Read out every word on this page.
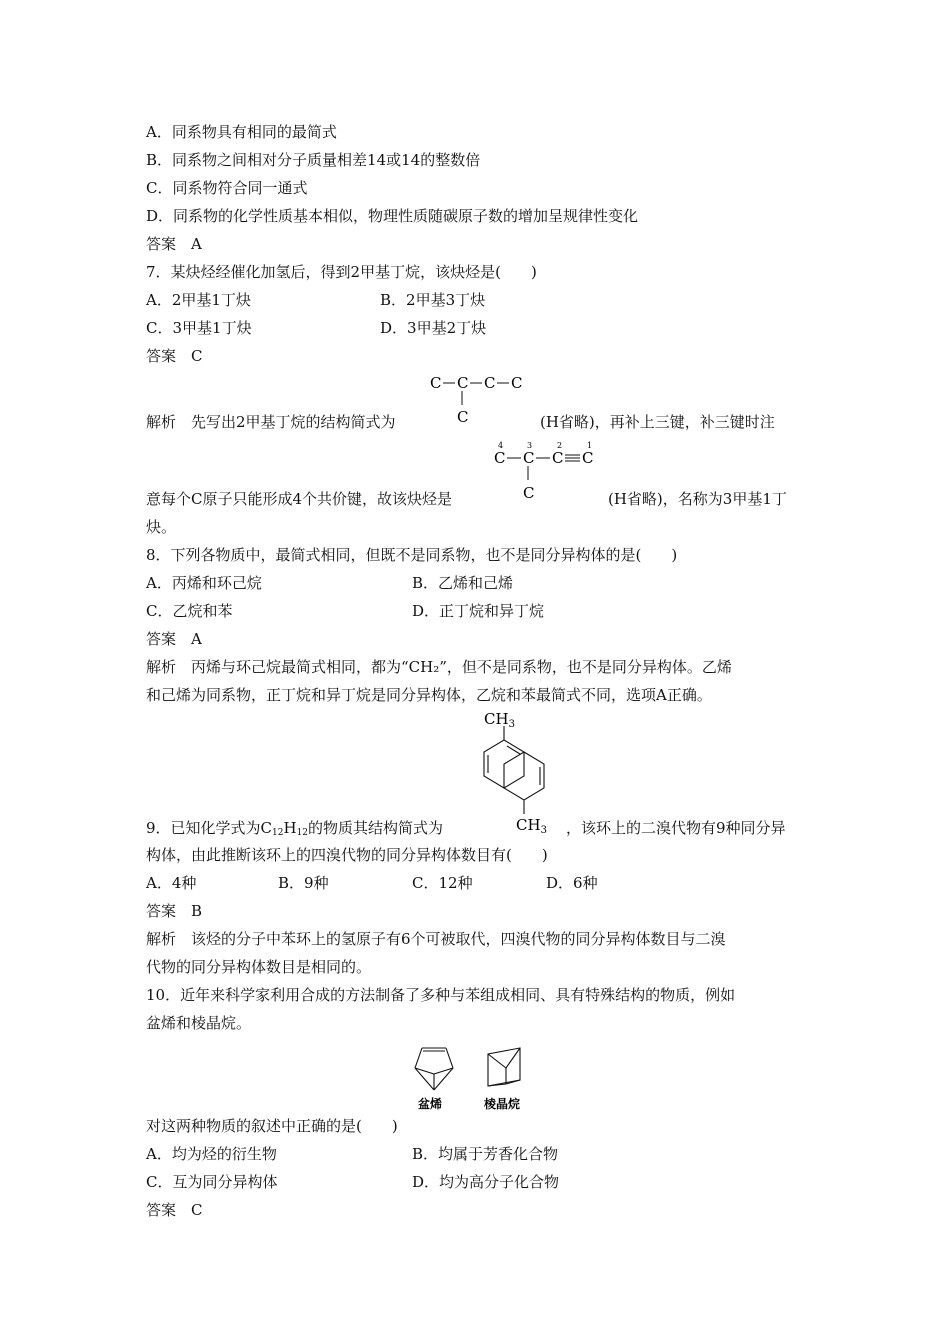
A．同系物具有相同的最简式
B．同系物之间相对分子质量相差14或14的整数倍
C．同系物符合同一通式
D．同系物的化学性质基本相似，物理性质随碳原子数的增加呈规律性变化
答案　A
7．某炔烃经催化加氢后，得到2甲基丁烷，该炔烃是(　　)
A．2甲基1丁炔	B．2甲基3丁炔
C．3甲基1丁炔	D．3甲基2丁炔
答案　C
C C C C
C
解析　先写出2甲基丁烷的结构简式为	(H省略)，再补上三键，补三键时注
4	3	2	1
C C C C
C
意每个C原子只能形成4个共价键，故该炔烃是	(H省略)，名称为3甲基1丁
炔。
8．下列各物质中，最简式相同，但既不是同系物，也不是同分异构体的是(　　)
A．丙烯和环己烷	B．乙烯和己烯
C．乙烷和苯	D．正丁烷和异丁烷
答案　A
解析　丙烯与环己烷最简式相同，都为“CH₂”，但不是同系物，也不是同分异构体。乙烯
和己烯为同系物，正丁烷和异丁烷是同分异构体，乙烷和苯最简式不同，选项A正确。
$CH_3$
$CH_3$
9．已知化学式为$C_{12}H_{12}$的物质其结构简式为	，该环上的二溴代物有9种同分异
构体，由此推断该环上的四溴代物的同分异构体数目有(　　)
A．4种	B．9种	C．12种	D．6种
答案　B
解析　该烃的分子中苯环上的氢原子有6个可被取代，四溴代物的同分异构体数目与二溴
代物的同分异构体数目是相同的。
10．近年来科学家利用合成的方法制备了多种与苯组成相同、具有特殊结构的物质，例如
盆烯和棱晶烷。
盆烯	棱晶烷
对这两种物质的叙述中正确的是(　　)
A．均为烃的衍生物	B．均属于芳香化合物
C．互为同分异构体	D．均为高分子化合物
答案　C
